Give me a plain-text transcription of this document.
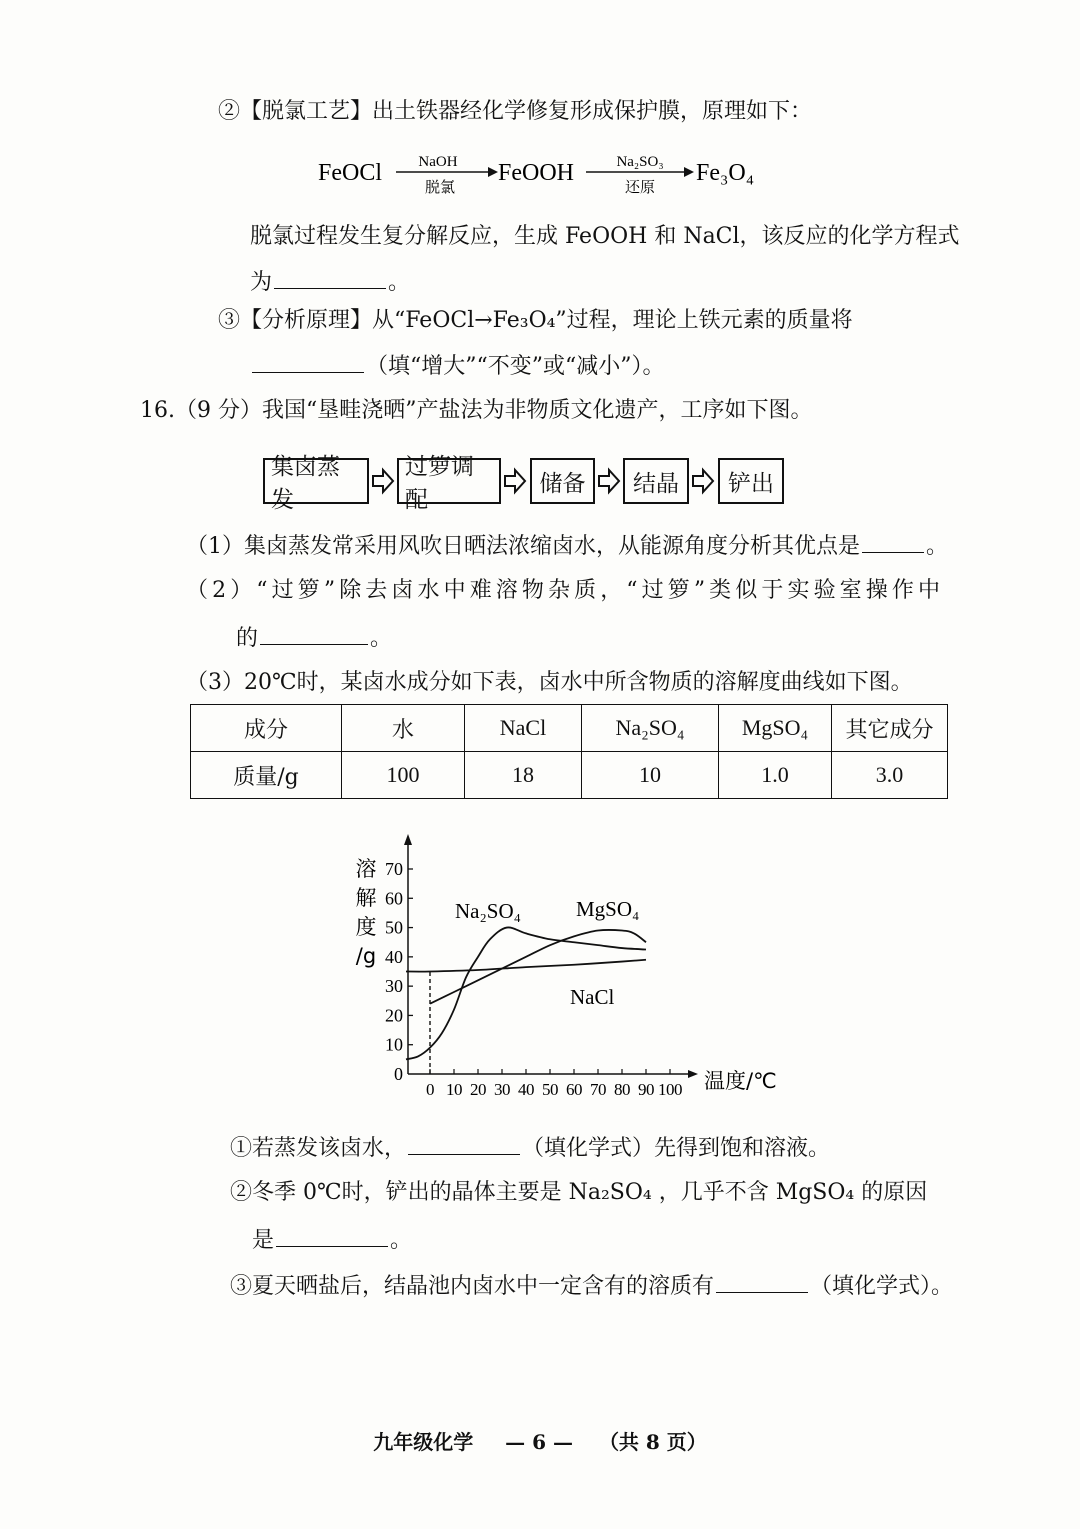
②【脱氯工艺】出土铁器经化学修复形成保护膜，原理如下：
FeOCl NaOH
脱氯
FeOOH	Na₂SO₃
还原
Fe₃O₄
脱氯过程发生复分解反应，生成 FeOOH 和 NaCl，该反应的化学方程式
为	。
③【分析原理】从“FeOCl→Fe₃O₄”过程，理论上铁元素的质量将
（填“增大”“不变”或“减小”）。
16.（9 分）我国“垦畦浇晒”产盐法为非物质文化遗产，工序如下图。
集卤蒸发
过箩调配
储备 结晶 铲出
（1）集卤蒸发常采用风吹日晒法浓缩卤水，从能源角度分析其优点是	。
（2）“过箩”除去卤水中难溶物杂质，“过箩”类似于实验室操作中
的	。
（3）20℃时，某卤水成分如下表，卤水中所含物质的溶解度曲线如下图。
成分	水	NaCl	Na₂SO₄	MgSO₄	其它成分
质量/g	100	18	10	1.0	3.0
0
10
20
30
40
50
60
70
0 10 20 30 40 50 60 70 80 90 100
溶
解
度
/g
温度/℃
Na₂SO₄	MgSO₄
NaCl
①若蒸发该卤水，	（填化学式）先得到饱和溶液。
②冬季 0℃时，铲出的晶体主要是 Na₂SO₄ ，几乎不含 MgSO₄ 的原因
是	。
③夏天晒盐后，结晶池内卤水中一定含有的溶质有	（填化学式）。
九年级化学 — 6 — （共 8 页）
